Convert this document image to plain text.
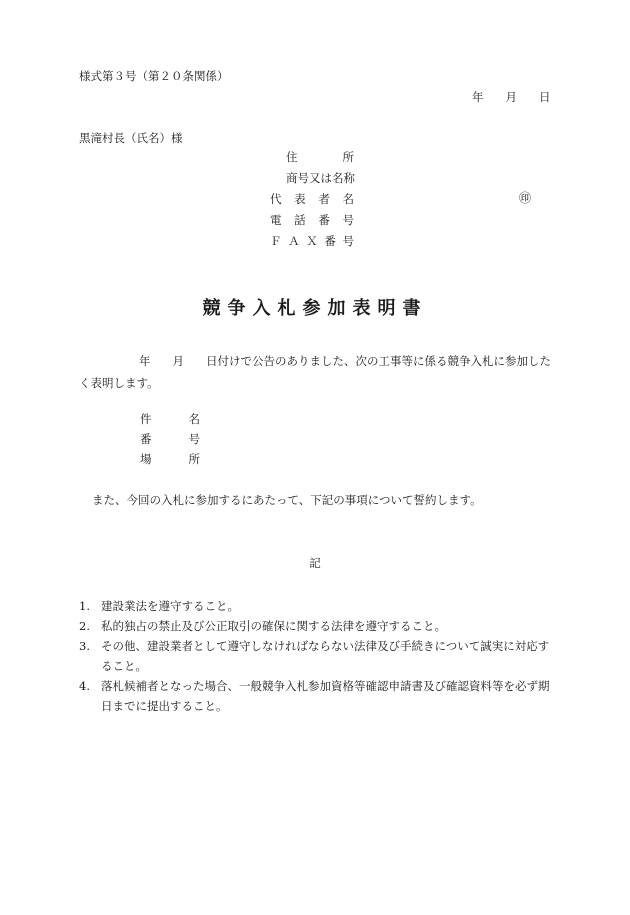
様式第３号（第２０条関係）
年 月 日
黒滝村長（氏名）様
住　所
商号又は名称
代表者名
電話番号
ＦＡＸ番号
㊞
競争入札参加表明書
年 月 日付けで公告のありました、次の工事等に係る競争入札に参加したく表明します。
件名
番号
場所
また、今回の入札に参加するにあたって、下記の事項について誓約します。
記
1. 建設業法を遵守すること。
2. 私的独占の禁止及び公正取引の確保に関する法律を遵守すること。
3. その他、建設業者として遵守しなければならない法律及び手続きについて誠実に対応すること。
4. 落札候補者となった場合、一般競争入札参加資格等確認申請書及び確認資料等を必ず期日までに提出すること。
